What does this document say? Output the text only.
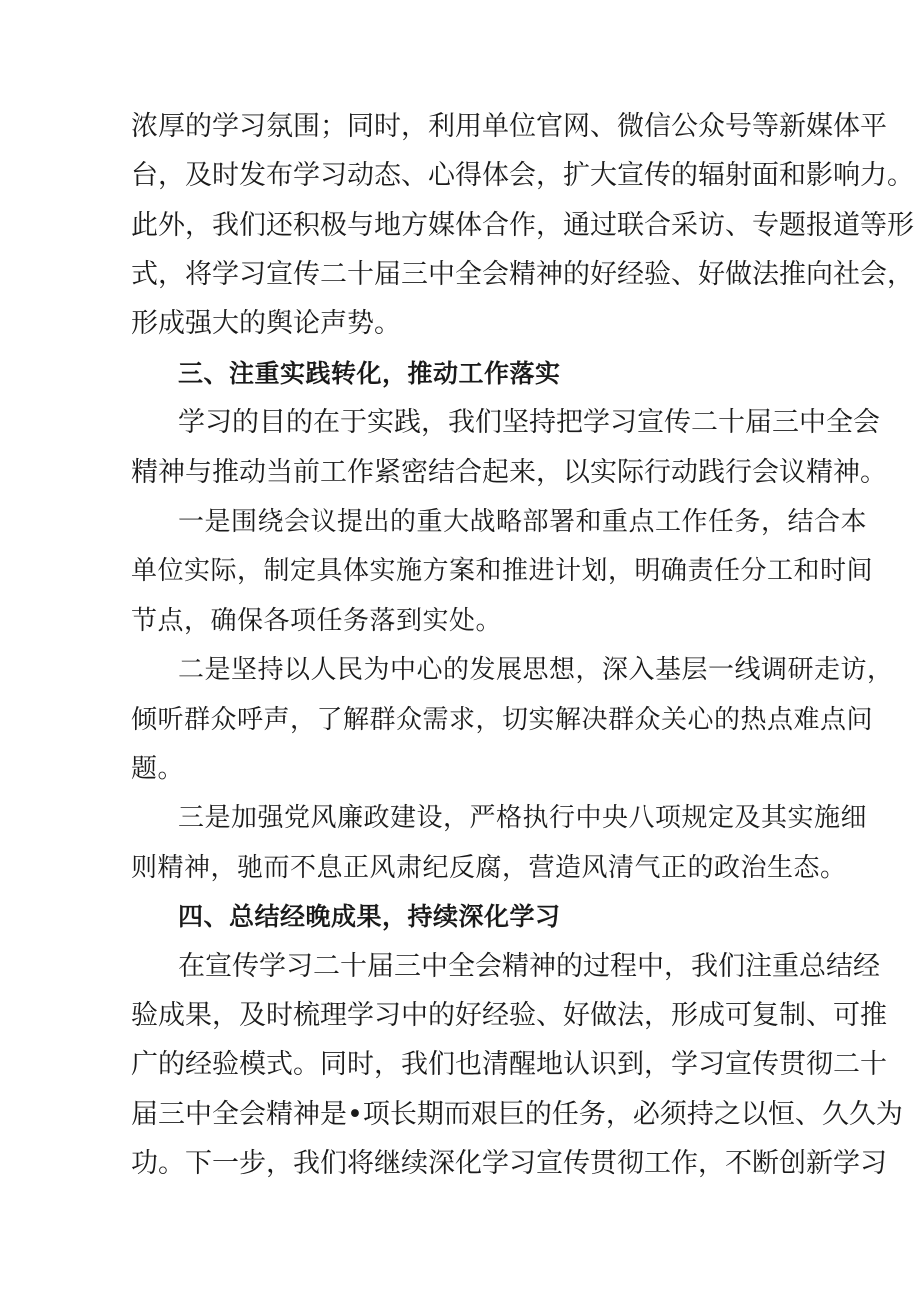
浓厚的学习氛围；同时，利用单位官网、微信公众号等新媒体平
台，及时发布学习动态、心得体会，扩大宣传的辐射面和影响力。
此外，我们还积极与地方媒体合作，通过联合采访、专题报道等形
式，将学习宣传二十届三中全会精神的好经验、好做法推向社会，
形成强大的舆论声势。
三、注重实践转化，推动工作落实
学习的目的在于实践，我们坚持把学习宣传二十届三中全会
精神与推动当前工作紧密结合起来，以实际行动践行会议精神。
一是围绕会议提出的重大战略部署和重点工作任务，结合本
单位实际，制定具体实施方案和推进计划，明确责任分工和时间
节点，确保各项任务落到实处。
二是坚持以人民为中心的发展思想，深入基层一线调研走访，
倾听群众呼声，了解群众需求，切实解决群众关心的热点难点问
题。
三是加强党风廉政建设，严格执行中央八项规定及其实施细
则精神，驰而不息正风肃纪反腐，营造风清气正的政治生态。
四、总结经晚成果，持续深化学习
在宣传学习二十届三中全会精神的过程中，我们注重总结经
验成果，及时梳理学习中的好经验、好做法，形成可复制、可推
广的经验模式。同时，我们也清醒地认识到，学习宣传贯彻二十
届三中全会精神是•项长期而艰巨的任务，必须持之以恒、久久为
功。下一步，我们将继续深化学习宣传贯彻工作，不断创新学习
